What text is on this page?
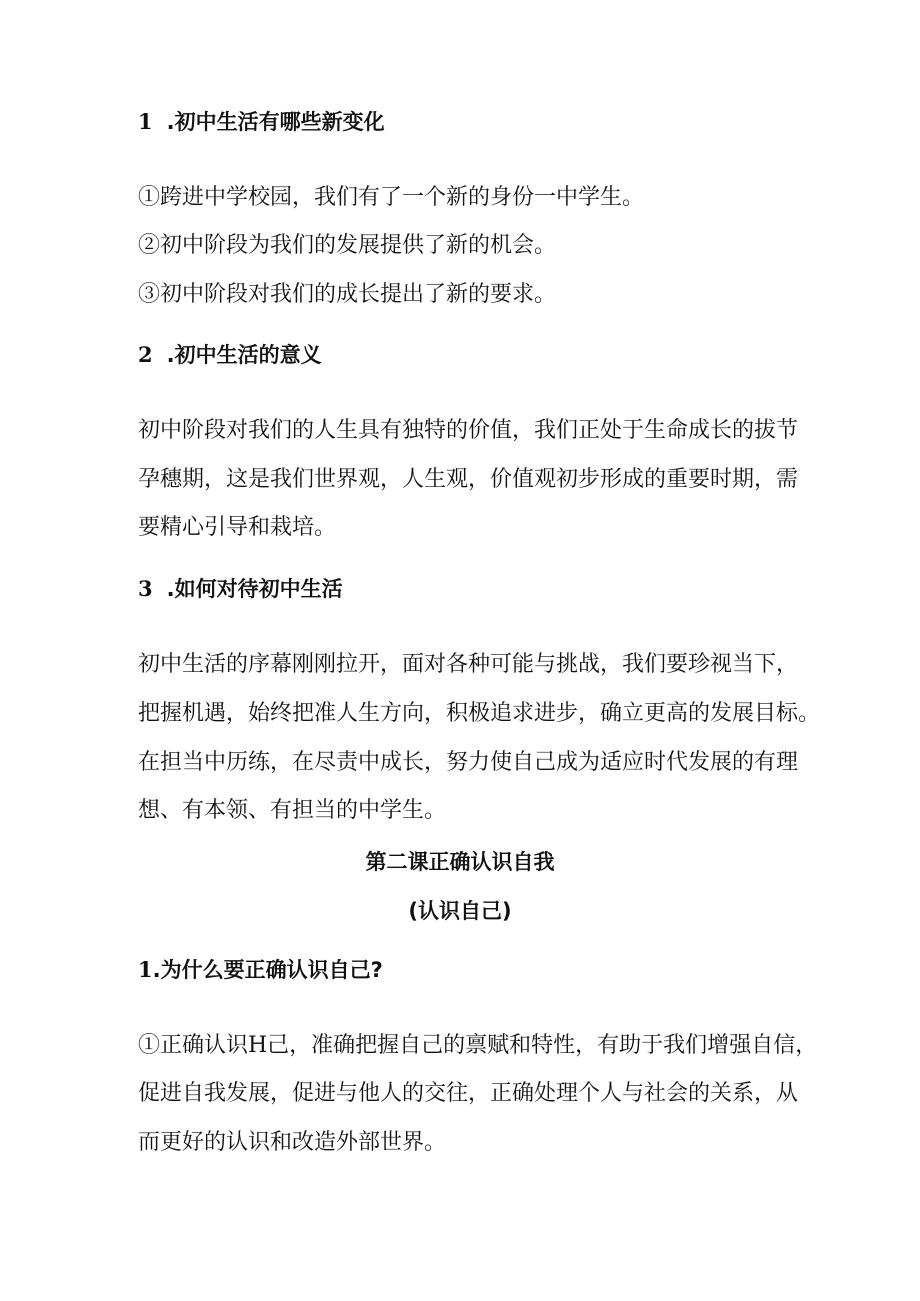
1 .初中生活有哪些新变化

①跨进中学校园，我们有了一个新的身份一中学生。

②初中阶段为我们的发展提供了新的机会。

③初中阶段对我们的成长提出了新的要求。

2 .初中生活的意义

初中阶段对我们的人生具有独特的价值，我们正处于生命成长的拔节

孕穗期，这是我们世界观，人生观，价值观初步形成的重要时期，需

要精心引导和栽培。

3 .如何对待初中生活

初中生活的序幕刚刚拉开，面对各种可能与挑战，我们要珍视当下，

把握机遇，始终把准人生方向，积极追求进步，确立更高的发展目标。

在担当中历练，在尽责中成长，努力使自己成为适应时代发展的有理

想、有本领、有担当的中学生。

第二课正确认识自我
(认识自己)
1.为什么要正确认识自己?

①正确认识H己，准确把握自己的禀赋和特性，有助于我们增强自信，

促进自我发展，促进与他人的交往，正确处理个人与社会的关系，从

而更好的认识和改造外部世界。
